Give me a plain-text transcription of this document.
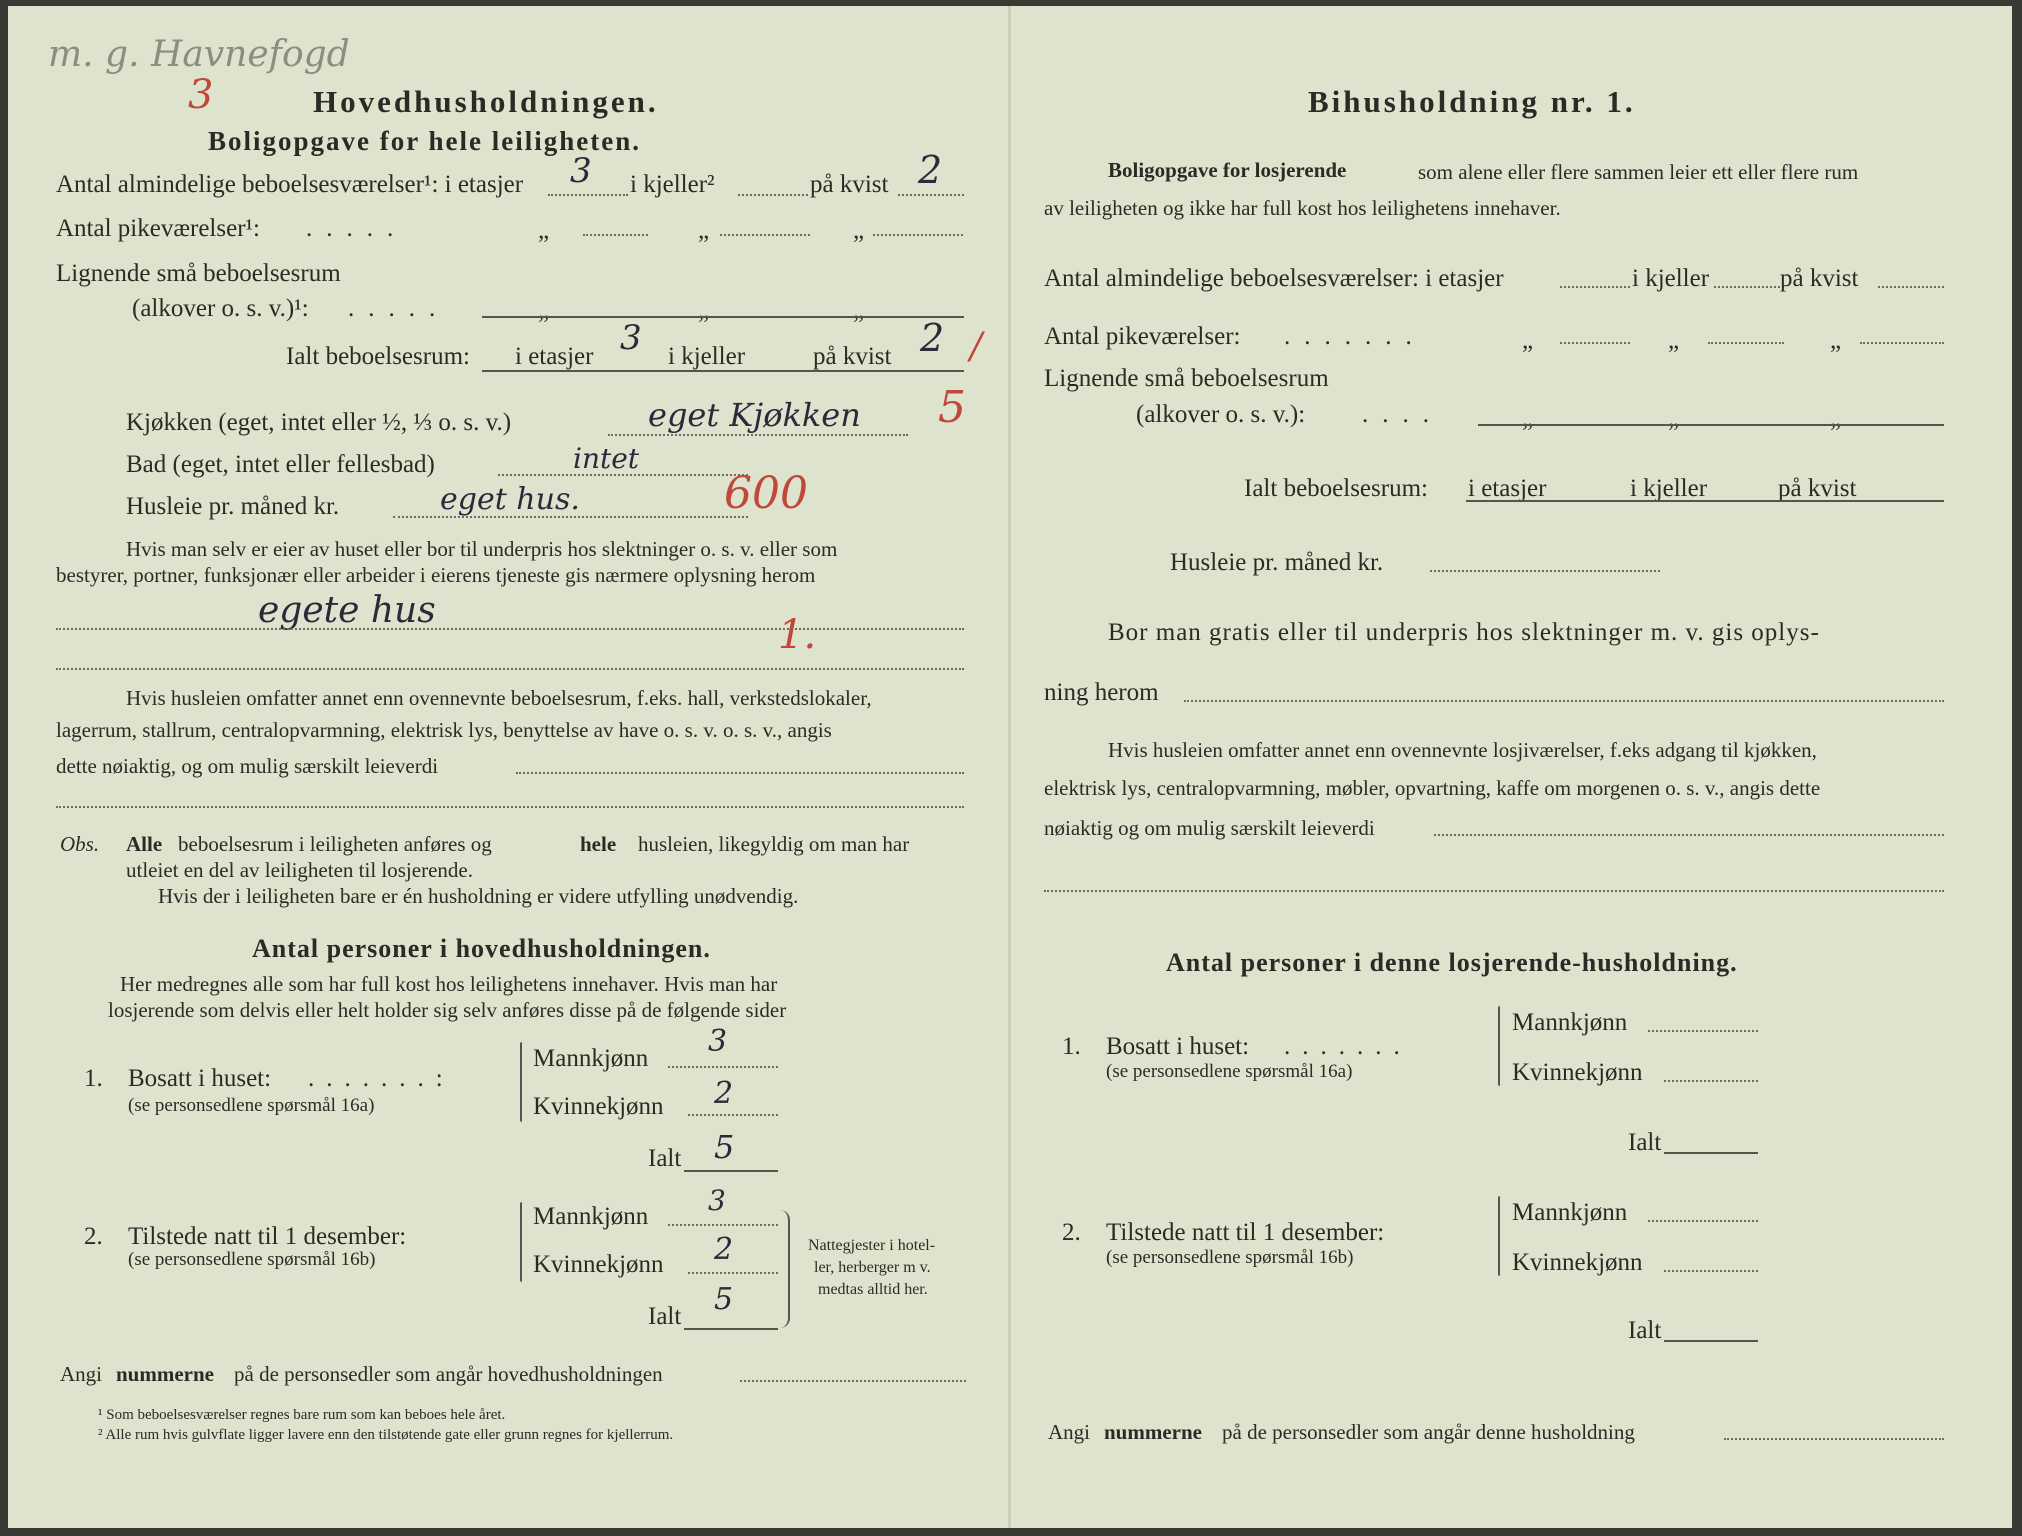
m. g. Havnefogd
3	Hovedhusholdningen.
Boligopgave for hele leiligheten.
Antal almindelige beboelsesværelser¹: i etasjer 3 i kjeller²	på kvist 2
Antal pikeværelser¹: .....	„	„	„
Lignende små beboelsesrum
(alkover o. s. v.)¹: .....	„	„	„
Ialt beboelsesrum: i etasjer 3 i kjeller	på kvist 2 /
Kjøkken (eget, intet eller ½, ⅓ o. s. v.)	eget Kjøkken 5
Bad (eget, intet eller fellesbad)	intet
Husleie pr. måned kr.	eget hus.	600
Hvis man selv er eier av huset eller bor til underpris hos slektninger o. s. v. eller som
bestyrer, portner, funksjonær eller arbeider i eierens tjeneste gis nærmere oplysning herom
egete hus
1.
Hvis husleien omfatter annet enn ovennevnte beboelsesrum, f.eks. hall, verkstedslokaler,
lagerrum, stallrum, centralopvarmning, elektrisk lys, benyttelse av have o. s. v. o. s. v., angis
dette nøiaktig, og om mulig særskilt leieverdi
Obs. Alle beboelsesrum i leiligheten anføres og	hele husleien, likegyldig om man har
utleiet en del av leiligheten til losjerende.
Hvis der i leiligheten bare er én husholdning er videre utfylling unødvendig.
Antal personer i hovedhusholdningen.
Her medregnes alle som har full kost hos leilighetens innehaver. Hvis man har
losjerende som delvis eller helt holder sig selv anføres disse på de følgende sider
1. Bosatt i huset: .......:
(se personsedlene spørsmål 16a)
Mannkjønn 3
Kvinnekjønn 2
Ialt 5
2. Tilstede natt til 1 desember:
(se personsedlene spørsmål 16b)
Mannkjønn 3
Kvinnekjønn 2
Ialt 5
Nattegjester i hotel-
ler, herberger m v.
medtas alltid her.
Angi nummerne på de personsedler som angår hovedhusholdningen
¹ Som beboelsesværelser regnes bare rum som kan beboes hele året.
² Alle rum hvis gulvflate ligger lavere enn den tilstøtende gate eller grunn regnes for kjellerrum.
Bihusholdning nr. 1.
Boligopgave for losjerende	som alene eller flere sammen leier ett eller flere rum
av leiligheten og ikke har full kost hos leilighetens innehaver.
Antal almindelige beboelsesværelser: i etasjer	i kjeller	på kvist
Antal pikeværelser: .......	„	„	„
Lignende små beboelsesrum
(alkover o. s. v.): ....	„	„	„
Ialt beboelsesrum: i etasjer	i kjeller	på kvist
Husleie pr. måned kr.
Bor man gratis eller til underpris hos slektninger m. v. gis oplys-
ning herom
Hvis husleien omfatter annet enn ovennevnte losjiværelser, f.eks adgang til kjøkken,
elektrisk lys, centralopvarmning, møbler, opvartning, kaffe om morgenen o. s. v., angis dette
nøiaktig og om mulig særskilt leieverdi
Antal personer i denne losjerende-husholdning.
1. Bosatt i huset: .......
(se personsedlene spørsmål 16a)
Mannkjønn
Kvinnekjønn
Ialt
2. Tilstede natt til 1 desember:
(se personsedlene spørsmål 16b)
Mannkjønn
Kvinnekjønn
Ialt
Angi nummerne på de personsedler som angår denne husholdning
